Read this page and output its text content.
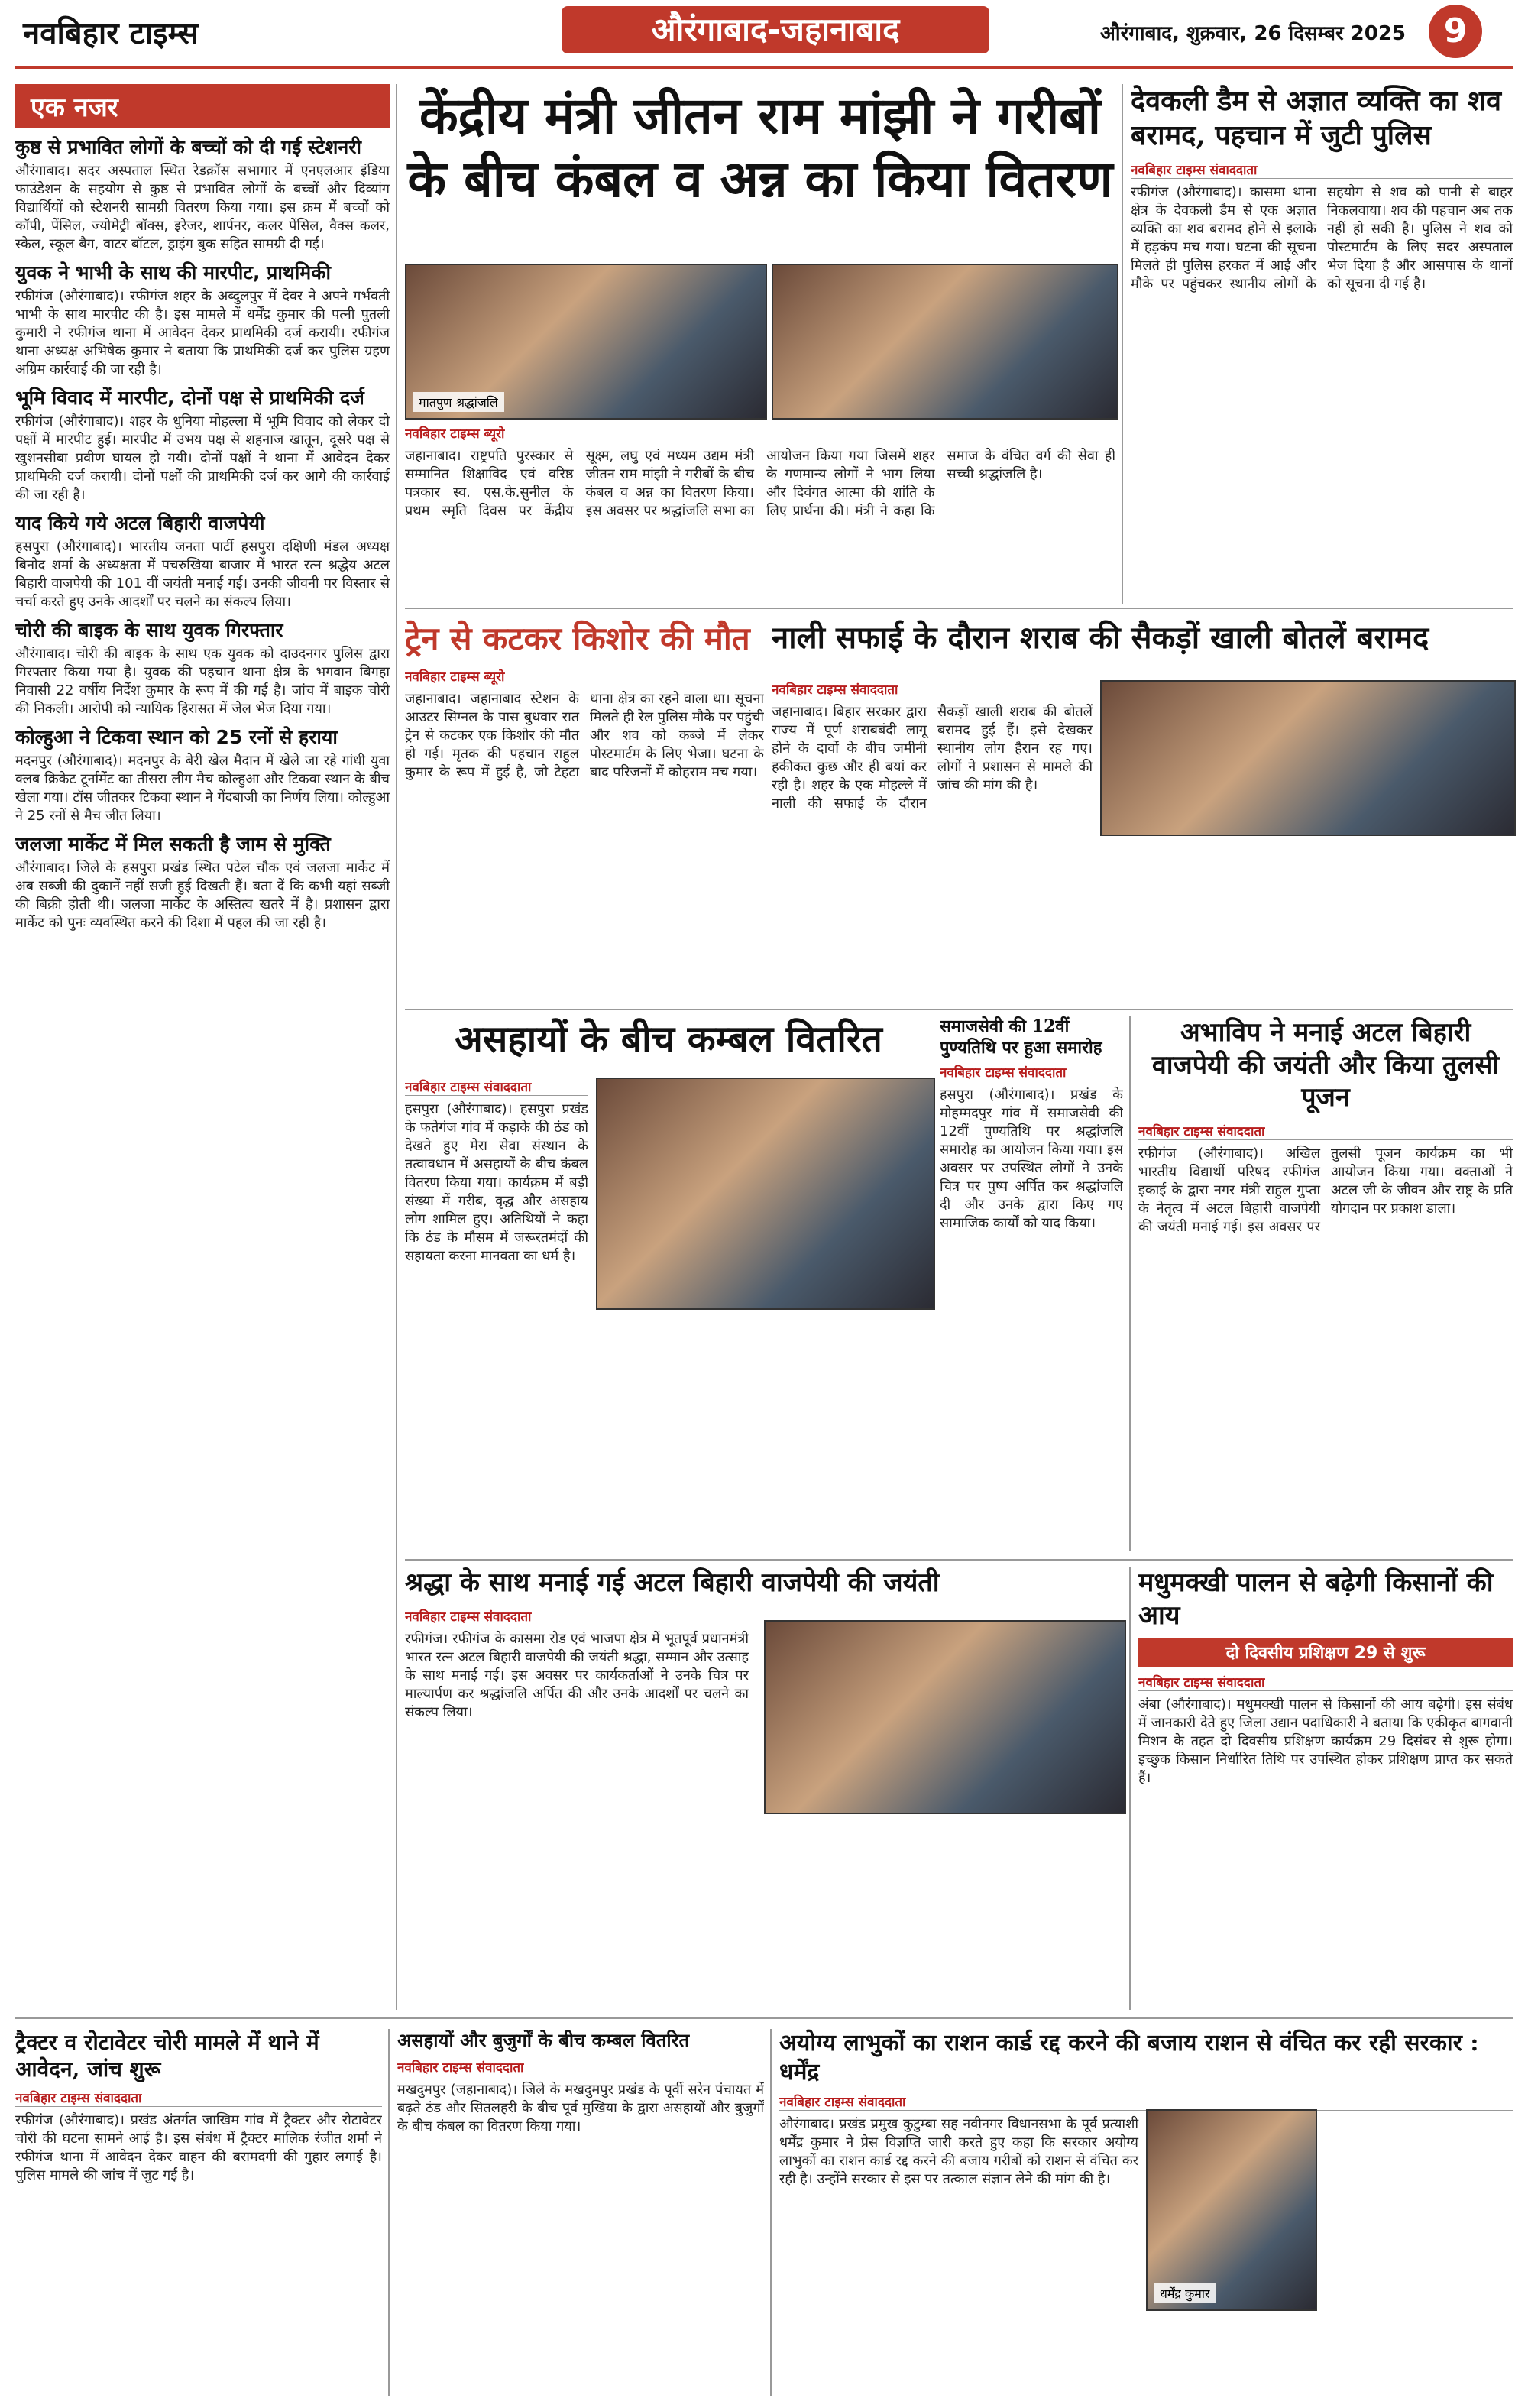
नवबिहार टाइम्स	औरंगाबाद-जहानाबाद	औरंगाबाद, शुक्रवार, 26 दिसम्बर 2025	9
एक नजर
कुष्ठ से प्रभावित लोगों के बच्चों को दी गई स्टेशनरी
औरंगाबाद। सदर अस्पताल स्थित रेडक्रॉस सभागार में एनएलआर इंडिया फाउंडेशन के सहयोग से कुष्ठ से प्रभावित लोगों के बच्चों और दिव्यांग विद्यार्थियों को स्टेशनरी सामग्री वितरण किया गया। इस क्रम में बच्चों को कॉपी, पेंसिल, ज्योमेट्री बॉक्स, इरेजर, शार्पनर, कलर पेंसिल, वैक्स कलर, स्केल, स्कूल बैग, वाटर बॉटल, ड्राइंग बुक सहित सामग्री दी गई।
युवक ने भाभी के साथ की मारपीट, प्राथमिकी
रफीगंज (औरंगाबाद)। रफीगंज शहर के अब्दुलपुर में देवर ने अपने गर्भवती भाभी के साथ मारपीट की है। इस मामले में धर्मेंद्र कुमार की पत्नी पुतली कुमारी ने रफीगंज थाना में आवेदन देकर प्राथमिकी दर्ज करायी। रफीगंज थाना अध्यक्ष अभिषेक कुमार ने बताया कि प्राथमिकी दर्ज कर पुलिस ग्रहण अग्रिम कार्रवाई की जा रही है।
भूमि विवाद में मारपीट, दोनों पक्ष से प्राथमिकी दर्ज
रफीगंज (औरंगाबाद)। शहर के धुनिया मोहल्ला में भूमि विवाद को लेकर दो पक्षों में मारपीट हुई। मारपीट में उभय पक्ष से शहनाज खातून, दूसरे पक्ष से खुशनसीबा प्रवीण घायल हो गयी। दोनों पक्षों ने थाना में आवेदन देकर प्राथमिकी दर्ज करायी। दोनों पक्षों की प्राथमिकी दर्ज कर आगे की कार्रवाई की जा रही है।
याद किये गये अटल बिहारी वाजपेयी
हसपुरा (औरंगाबाद)। भारतीय जनता पार्टी हसपुरा दक्षिणी मंडल अध्यक्ष बिनोद शर्मा के अध्यक्षता में पचरुखिया बाजार में भारत रत्न श्रद्धेय अटल बिहारी वाजपेयी की 101 वीं जयंती मनाई गई। उनकी जीवनी पर विस्तार से चर्चा करते हुए उनके आदर्शों पर चलने का संकल्प लिया।
चोरी की बाइक के साथ युवक गिरफ्तार
औरंगाबाद। चोरी की बाइक के साथ एक युवक को दाउदनगर पुलिस द्वारा गिरफ्तार किया गया है। युवक की पहचान थाना क्षेत्र के भगवान बिगहा निवासी 22 वर्षीय निर्देश कुमार के रूप में की गई है। जांच में बाइक चोरी की निकली। आरोपी को न्यायिक हिरासत में जेल भेज दिया गया।
कोल्हुआ ने टिकवा स्थान को 25 रनों से हराया
मदनपुर (औरंगाबाद)। मदनपुर के बेरी खेल मैदान में खेले जा रहे गांधी युवा क्लब क्रिकेट टूर्नामेंट का तीसरा लीग मैच कोल्हुआ और टिकवा स्थान के बीच खेला गया। टॉस जीतकर टिकवा स्थान ने गेंदबाजी का निर्णय लिया। कोल्हुआ ने 25 रनों से मैच जीत लिया।
जलजा मार्केट में मिल सकती है जाम से मुक्ति
औरंगाबाद। जिले के हसपुरा प्रखंड स्थित पटेल चौक एवं जलजा मार्केट में अब सब्जी की दुकानें नहीं सजी हुई दिखती हैं। बता दें कि कभी यहां सब्जी की बिक्री होती थी। जलजा मार्केट के अस्तित्व खतरे में है। प्रशासन द्वारा मार्केट को पुनः व्यवस्थित करने की दिशा में पहल की जा रही है।
केंद्रीय मंत्री जीतन राम मांझी ने गरीबों के बीच कंबल व अन्न का किया वितरण
मातपुण श्रद्धांजलि
नवबिहार टाइम्स ब्यूरो
जहानाबाद। राष्ट्रपति पुरस्कार से सम्मानित शिक्षाविद एवं वरिष्ठ पत्रकार स्व. एस.के.सुनील के प्रथम स्मृति दिवस पर केंद्रीय सूक्ष्म, लघु एवं मध्यम उद्यम मंत्री जीतन राम मांझी ने गरीबों के बीच कंबल व अन्न का वितरण किया। इस अवसर पर श्रद्धांजलि सभा का आयोजन किया गया जिसमें शहर के गणमान्य लोगों ने भाग लिया और दिवंगत आत्मा की शांति के लिए प्रार्थना की। मंत्री ने कहा कि समाज के वंचित वर्ग की सेवा ही सच्ची श्रद्धांजलि है।
देवकली डैम से अज्ञात व्यक्ति का शव बरामद, पहचान में जुटी पुलिस
नवबिहार टाइम्स संवाददाता
रफीगंज (औरंगाबाद)। कासमा थाना क्षेत्र के देवकली डैम से एक अज्ञात व्यक्ति का शव बरामद होने से इलाके में हड़कंप मच गया। घटना की सूचना मिलते ही पुलिस हरकत में आई और मौके पर पहुंचकर स्थानीय लोगों के सहयोग से शव को पानी से बाहर निकलवाया। शव की पहचान अब तक नहीं हो सकी है। पुलिस ने शव को पोस्टमार्टम के लिए सदर अस्पताल भेज दिया है और आसपास के थानों को सूचना दी गई है।
ट्रेन से कटकर किशोर की मौत
नवबिहार टाइम्स ब्यूरो
जहानाबाद। जहानाबाद स्टेशन के आउटर सिग्नल के पास बुधवार रात ट्रेन से कटकर एक किशोर की मौत हो गई। मृतक की पहचान राहुल कुमार के रूप में हुई है, जो टेहटा थाना क्षेत्र का रहने वाला था। सूचना मिलते ही रेल पुलिस मौके पर पहुंची और शव को कब्जे में लेकर पोस्टमार्टम के लिए भेजा। घटना के बाद परिजनों में कोहराम मच गया।
नाली सफाई के दौरान शराब की सैकड़ों खाली बोतलें बरामद
नवबिहार टाइम्स संवाददाता
जहानाबाद। बिहार सरकार द्वारा राज्य में पूर्ण शराबबंदी लागू होने के दावों के बीच जमीनी हकीकत कुछ और ही बयां कर रही है। शहर के एक मोहल्ले में नाली की सफाई के दौरान सैकड़ों खाली शराब की बोतलें बरामद हुई हैं। इसे देखकर स्थानीय लोग हैरान रह गए। लोगों ने प्रशासन से मामले की जांच की मांग की है।
असहायों के बीच कम्बल वितरित
नवबिहार टाइम्स संवाददाता
हसपुरा (औरंगाबाद)। हसपुरा प्रखंड के फतेगंज गांव में कड़ाके की ठंड को देखते हुए मेरा सेवा संस्थान के तत्वावधान में असहायों के बीच कंबल वितरण किया गया। कार्यक्रम में बड़ी संख्या में गरीब, वृद्ध और असहाय लोग शामिल हुए। अतिथियों ने कहा कि ठंड के मौसम में जरूरतमंदों की सहायता करना मानवता का धर्म है।
समाजसेवी की 12वीं पुण्यतिथि पर हुआ समारोह
नवबिहार टाइम्स संवाददाता
हसपुरा (औरंगाबाद)। प्रखंड के मोहम्मदपुर गांव में समाजसेवी की 12वीं पुण्यतिथि पर श्रद्धांजलि समारोह का आयोजन किया गया। इस अवसर पर उपस्थित लोगों ने उनके चित्र पर पुष्प अर्पित कर श्रद्धांजलि दी और उनके द्वारा किए गए सामाजिक कार्यों को याद किया।
अभाविप ने मनाई अटल बिहारी वाजपेयी की जयंती और किया तुलसी पूजन
नवबिहार टाइम्स संवाददाता
रफीगंज (औरंगाबाद)। अखिल भारतीय विद्यार्थी परिषद रफीगंज इकाई के द्वारा नगर मंत्री राहुल गुप्ता के नेतृत्व में अटल बिहारी वाजपेयी की जयंती मनाई गई। इस अवसर पर तुलसी पूजन कार्यक्रम का भी आयोजन किया गया। वक्ताओं ने अटल जी के जीवन और राष्ट्र के प्रति योगदान पर प्रकाश डाला।
श्रद्धा के साथ मनाई गई अटल बिहारी वाजपेयी की जयंती
नवबिहार टाइम्स संवाददाता
रफीगंज। रफीगंज के कासमा रोड एवं भाजपा क्षेत्र में भूतपूर्व प्रधानमंत्री भारत रत्न अटल बिहारी वाजपेयी की जयंती श्रद्धा, सम्मान और उत्साह के साथ मनाई गई। इस अवसर पर कार्यकर्ताओं ने उनके चित्र पर माल्यार्पण कर श्रद्धांजलि अर्पित की और उनके आदर्शों पर चलने का संकल्प लिया।
मधुमक्खी पालन से बढ़ेगी किसानों की आय
दो दिवसीय प्रशिक्षण 29 से शुरू
नवबिहार टाइम्स संवाददाता
अंबा (औरंगाबाद)। मधुमक्खी पालन से किसानों की आय बढ़ेगी। इस संबंध में जानकारी देते हुए जिला उद्यान पदाधिकारी ने बताया कि एकीकृत बागवानी मिशन के तहत दो दिवसीय प्रशिक्षण कार्यक्रम 29 दिसंबर से शुरू होगा। इच्छुक किसान निर्धारित तिथि पर उपस्थित होकर प्रशिक्षण प्राप्त कर सकते हैं।
ट्रैक्टर व रोटावेटर चोरी मामले में थाने में आवेदन, जांच शुरू
नवबिहार टाइम्स संवाददाता
रफीगंज (औरंगाबाद)। प्रखंड अंतर्गत जाखिम गांव में ट्रैक्टर और रोटावेटर चोरी की घटना सामने आई है। इस संबंध में ट्रैक्टर मालिक रंजीत शर्मा ने रफीगंज थाना में आवेदन देकर वाहन की बरामदगी की गुहार लगाई है। पुलिस मामले की जांच में जुट गई है।
असहायों और बुजुर्गों के बीच कम्बल वितरित
नवबिहार टाइम्स संवाददाता
मखदुमपुर (जहानाबाद)। जिले के मखदुमपुर प्रखंड के पूर्वी सरेन पंचायत में बढ़ते ठंड और सितलहरी के बीच पूर्व मुखिया के द्वारा असहायों और बुजुर्गों के बीच कंबल का वितरण किया गया।
अयोग्य लाभुकों का राशन कार्ड रद्द करने की बजाय राशन से वंचित कर रही सरकार : धर्मेंद्र
नवबिहार टाइम्स संवाददाता
औरंगाबाद। प्रखंड प्रमुख कुटुम्बा सह नवीनगर विधानसभा के पूर्व प्रत्याशी धर्मेंद्र कुमार ने प्रेस विज्ञप्ति जारी करते हुए कहा कि सरकार अयोग्य लाभुकों का राशन कार्ड रद्द करने की बजाय गरीबों को राशन से वंचित कर रही है। उन्होंने सरकार से इस पर तत्काल संज्ञान लेने की मांग की है।
धर्मेंद्र कुमार
